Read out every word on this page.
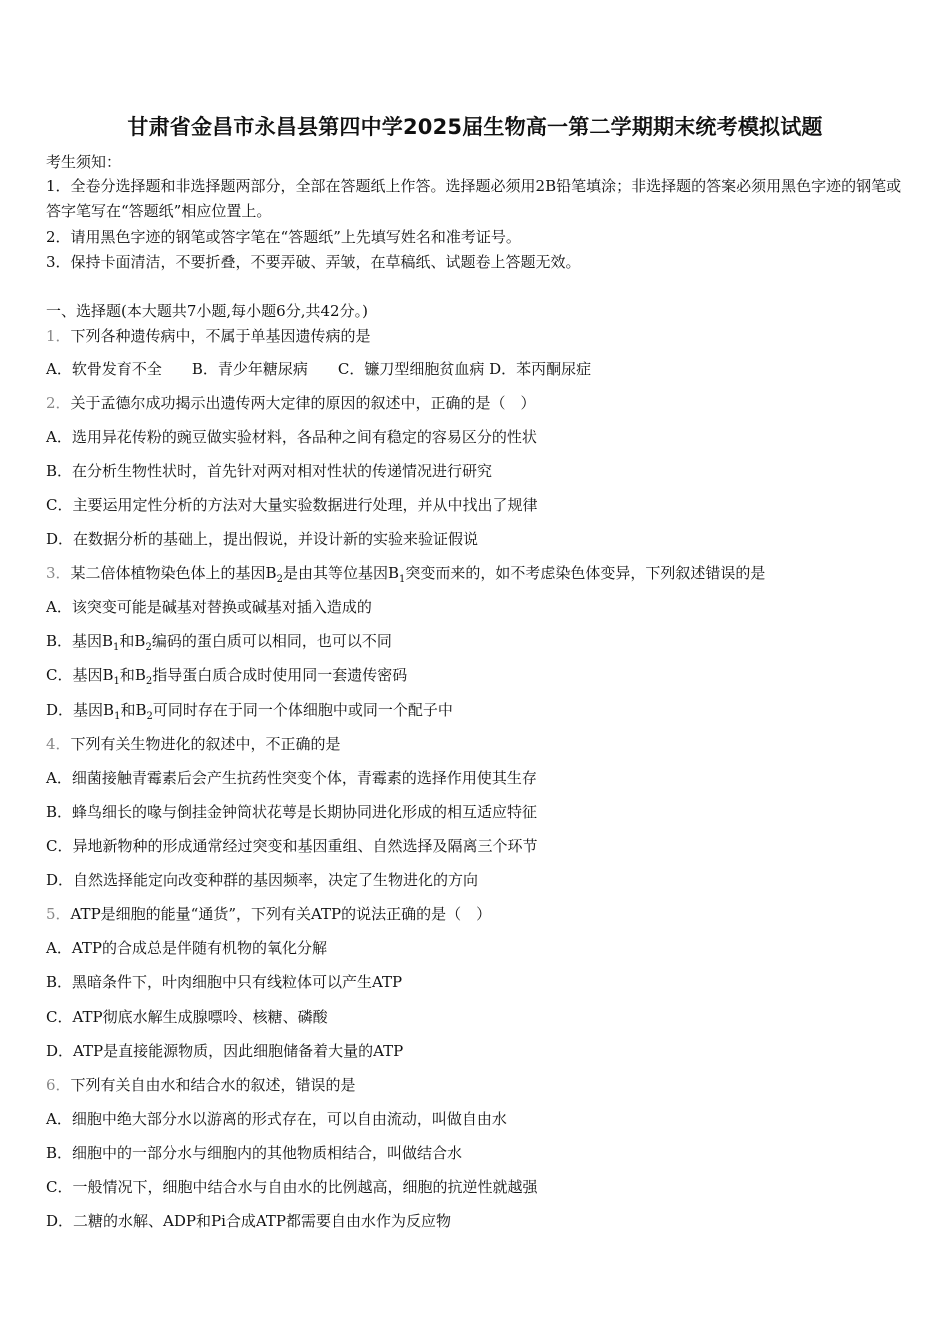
甘肃省金昌市永昌县第四中学2025届生物高一第二学期期末统考模拟试题
考生须知：
1．全卷分选择题和非选择题两部分，全部在答题纸上作答。选择题必须用2B铅笔填涂；非选择题的答案必须用黑色字迹的钢笔或答字笔写在“答题纸”相应位置上。
2．请用黑色字迹的钢笔或答字笔在“答题纸”上先填写姓名和准考证号。
3．保持卡面清洁，不要折叠，不要弄破、弄皱，在草稿纸、试题卷上答题无效。
一、选择题(本大题共7小题,每小题6分,共42分。)
1．下列各种遗传病中，不属于单基因遗传病的是
A．软骨发育不全　　B．青少年糖尿病　　C．镰刀型细胞贫血病 D．苯丙酮尿症
2．关于孟德尔成功揭示出遗传两大定律的原因的叙述中，正确的是（　）
A．选用异花传粉的豌豆做实验材料，各品种之间有稳定的容易区分的性状
B．在分析生物性状时，首先针对两对相对性状的传递情况进行研究
C．主要运用定性分析的方法对大量实验数据进行处理，并从中找出了规律
D．在数据分析的基础上，提出假说，并设计新的实验来验证假说
3．某二倍体植物染色体上的基因$B_2$是由其等位基因$B_1$突变而来的，如不考虑染色体变异，下列叙述错误的是
A．该突变可能是碱基对替换或碱基对插入造成的
B．基因$B_1$和$B_2$编码的蛋白质可以相同，也可以不同
C．基因$B_1$和$B_2$指导蛋白质合成时使用同一套遗传密码
D．基因$B_1$和$B_2$可同时存在于同一个体细胞中或同一个配子中
4．下列有关生物进化的叙述中，不正确的是
A．细菌接触青霉素后会产生抗药性突变个体，青霉素的选择作用使其生存
B．蜂鸟细长的喙与倒挂金钟筒状花萼是长期协同进化形成的相互适应特征
C．异地新物种的形成通常经过突变和基因重组、自然选择及隔离三个环节
D．自然选择能定向改变种群的基因频率，决定了生物进化的方向
5．ATP是细胞的能量“通货”，下列有关ATP的说法正确的是（　）
A．ATP的合成总是伴随有机物的氧化分解
B．黑暗条件下，叶肉细胞中只有线粒体可以产生ATP
C．ATP彻底水解生成腺嘌呤、核糖、磷酸
D．ATP是直接能源物质，因此细胞储备着大量的ATP
6．下列有关自由水和结合水的叙述，错误的是
A．细胞中绝大部分水以游离的形式存在，可以自由流动，叫做自由水
B．细胞中的一部分水与细胞内的其他物质相结合，叫做结合水
C．一般情况下，细胞中结合水与自由水的比例越高，细胞的抗逆性就越强
D．二糖的水解、ADP和Pi合成ATP都需要自由水作为反应物
